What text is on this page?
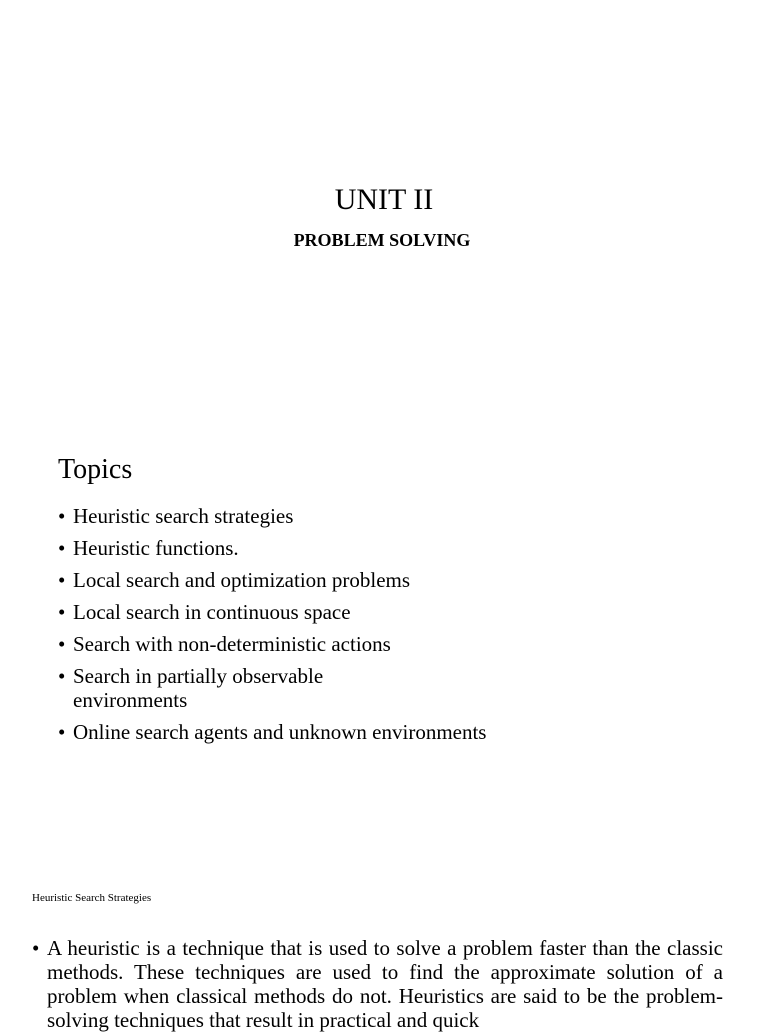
UNIT II

PROBLEM SOLVING

Topics
• Heuristic search strategies
• Heuristic functions.
• Local search and optimization problems
• Local search in continuous space
• Search with non-deterministic actions
• Search in partially observable environments
• Online search agents and unknown environments

Heuristic Search Strategies

• A heuristic is a technique that is used to solve a problem faster than the classic methods. These techniques are used to find the approximate solution of a problem when classical methods do not. Heuristics are said to be the problem-solving techniques that result in practical and quick
